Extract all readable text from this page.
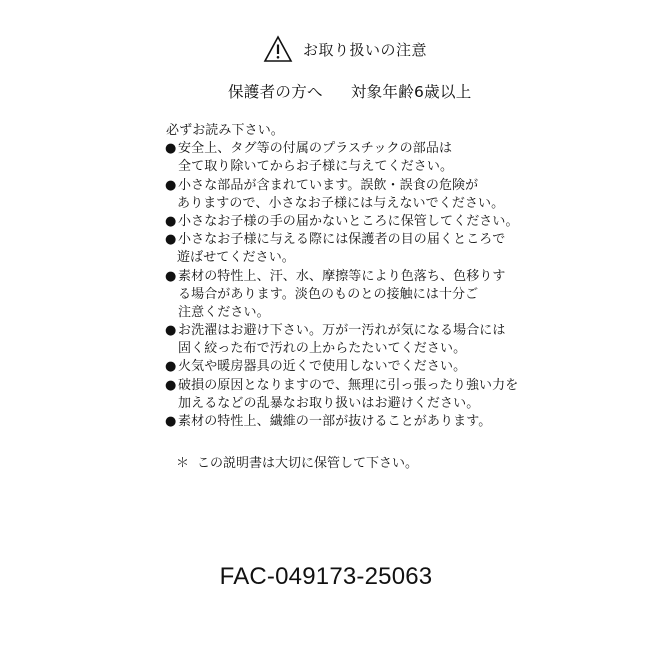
お取り扱いの注意
保護者の方へ 対象年齢6歳以上
必ずお読み下さい。
● 安全上、タグ等の付属のプラスチックの部品は
全て取り除いてからお子様に与えてください。
● 小さな部品が含まれています。誤飲・誤食の危険が
ありますので、小さなお子様には与えないでください。
● 小さなお子様の手の届かないところに保管してください。
● 小さなお子様に与える際には保護者の目の届くところで
遊ばせてください。
● 素材の特性上、汗、水、摩擦等により色落ち、色移りす
る場合があります。淡色のものとの接触には十分ご
注意ください。
● お洗濯はお避け下さい。万が一汚れが気になる場合には
固く絞った布で汚れの上からたたいてください。
● 火気や暖房器具の近くで使用しないでください。
● 破損の原因となりますので、無理に引っ張ったり強い力を
加えるなどの乱暴なお取り扱いはお避けください。
● 素材の特性上、繊維の一部が抜けることがあります。
＊ この説明書は大切に保管して下さい。
FAC-049173-25063
